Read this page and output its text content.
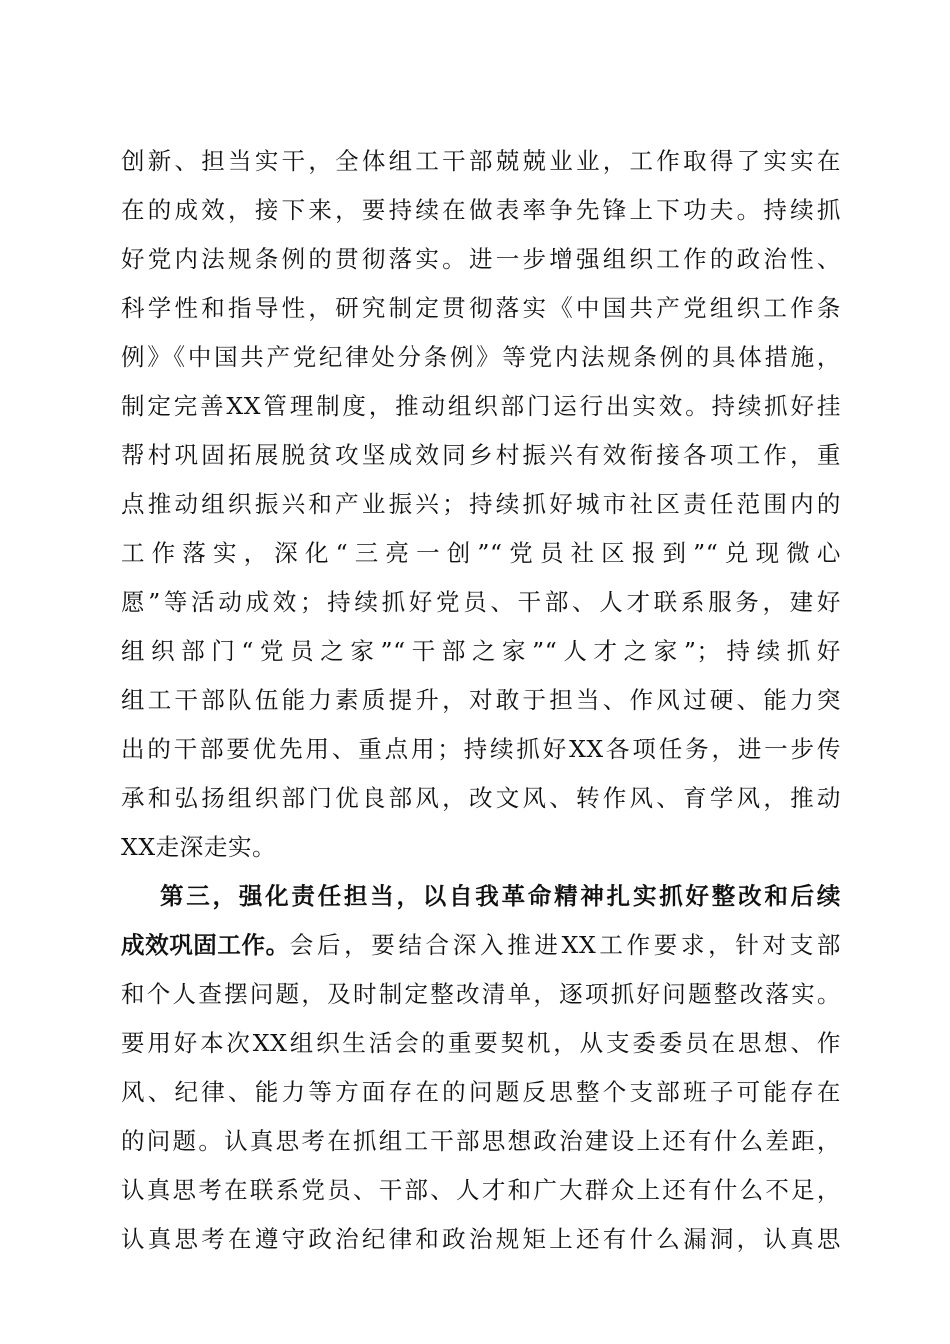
创新、担当实干，全体组工干部兢兢业业，工作取得了实实在
在的成效，接下来，要持续在做表率争先锋上下功夫。持续抓
好党内法规条例的贯彻落实。进一步增强组织工作的政治性、
科学性和指导性，研究制定贯彻落实《中国共产党组织工作条
例》《中国共产党纪律处分条例》等党内法规条例的具体措施，
制定完善XX管理制度，推动组织部门运行出实效。持续抓好挂
帮村巩固拓展脱贫攻坚成效同乡村振兴有效衔接各项工作，重
点推动组织振兴和产业振兴；持续抓好城市社区责任范围内的
工作落实，深化“三亮一创”“党员社区报到”“兑现微心
愿”等活动成效；持续抓好党员、干部、人才联系服务，建好
组织部门“党员之家”“干部之家”“人才之家”；持续抓好
组工干部队伍能力素质提升，对敢于担当、作风过硬、能力突
出的干部要优先用、重点用；持续抓好XX各项任务，进一步传
承和弘扬组织部门优良部风，改文风、转作风、育学风，推动
XX走深走实。
第三，强化责任担当，以自我革命精神扎实抓好整改和后续
成效巩固工作。 会后，要结合深入推进XX工作要求，针对支部
和个人查摆问题，及时制定整改清单，逐项抓好问题整改落实。
要用好本次XX组织生活会的重要契机，从支委委员在思想、作
风、纪律、能力等方面存在的问题反思整个支部班子可能存在
的问题。认真思考在抓组工干部思想政治建设上还有什么差距，
认真思考在联系党员、干部、人才和广大群众上还有什么不足，
认真思考在遵守政治纪律和政治规矩上还有什么漏洞，认真思
